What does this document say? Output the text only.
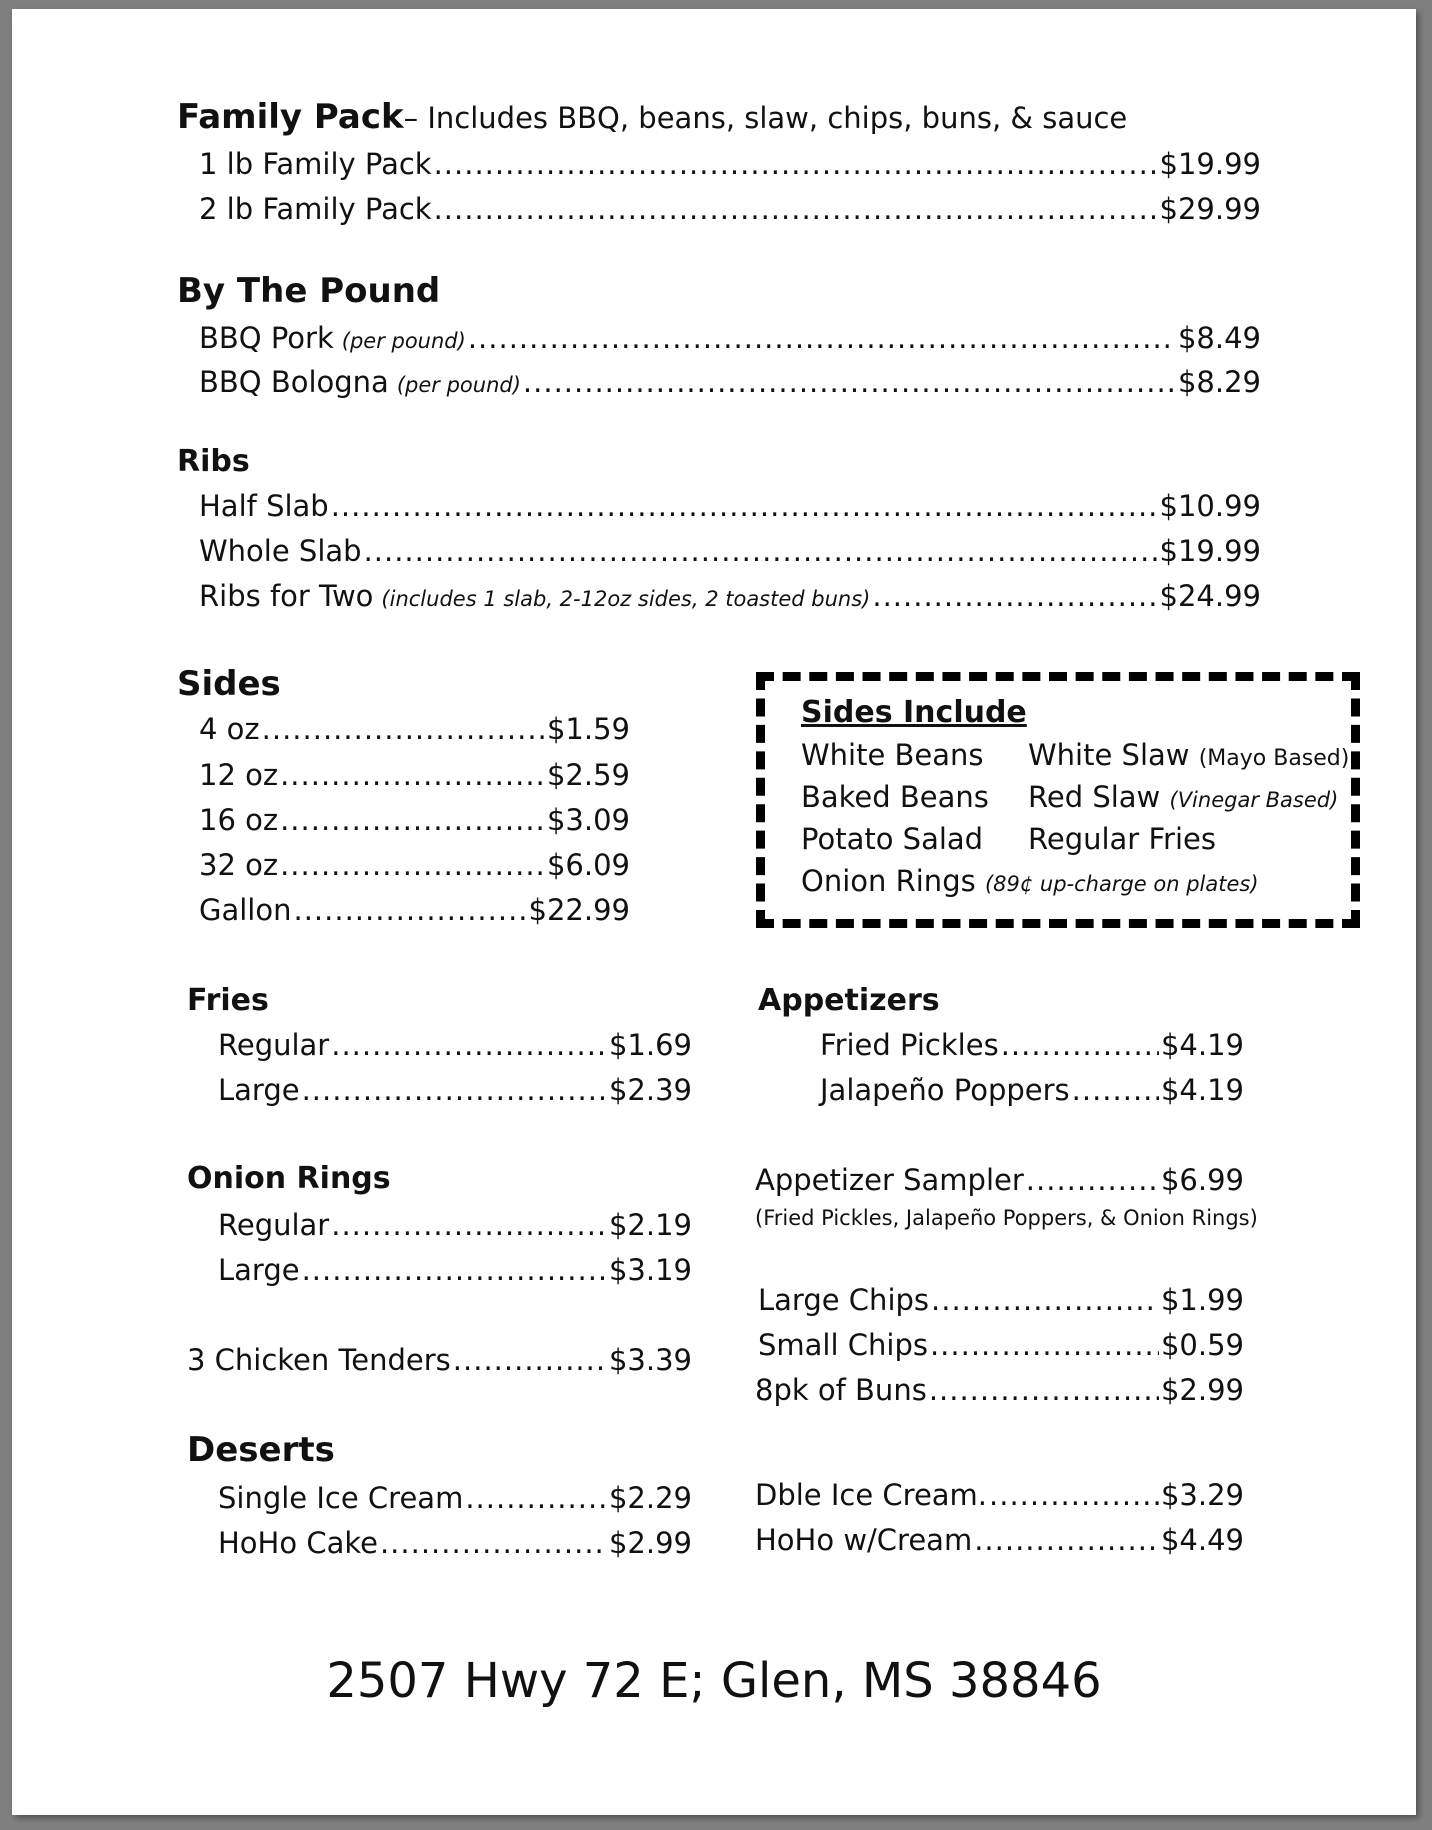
Family Pack– Includes BBQ, beans, slaw, chips, buns, & sauce
1 lb Family Pack .....	$19.99
2 lb Family Pack .....	$29.99
By The Pound
BBQ Pork (per pound) .....	$8.49
BBQ Bologna (per pound) .....	$8.29
Ribs
Half Slab .....	$10.99
Whole Slab .....	$19.99
Ribs for Two (includes 1 slab, 2-12oz sides, 2 toasted buns) .....	$24.99
Sides
4 oz .....	$1.59
12 oz .....	$2.59
16 oz .....	$3.09
32 oz .....	$6.09
Gallon .....	$22.99
Sides Include
White Beans White Slaw (Mayo Based)
Baked Beans Red Slaw (Vinegar Based)
Potato Salad Regular Fries
Onion Rings (89¢ up-charge on plates)
Fries
Regular .....	$1.69
Large .....	$2.39
Onion Rings
Regular .....	$2.19
Large .....	$3.19
3 Chicken Tenders .....	$3.39
Deserts
Single Ice Cream .....	$2.29
HoHo Cake .....	$2.99
Appetizers
Fried Pickles .....	$4.19
Jalapeño Poppers .....	$4.19
Appetizer Sampler .....	$6.99
(Fried Pickles, Jalapeño Poppers, & Onion Rings)
Large Chips .....	$1.99
Small Chips .....	$0.59
8pk of Buns .....	$2.99
Dble Ice Cream. .....	$3.29
HoHo w/Cream .....	$4.49
2507 Hwy 72 E; Glen, MS 38846
